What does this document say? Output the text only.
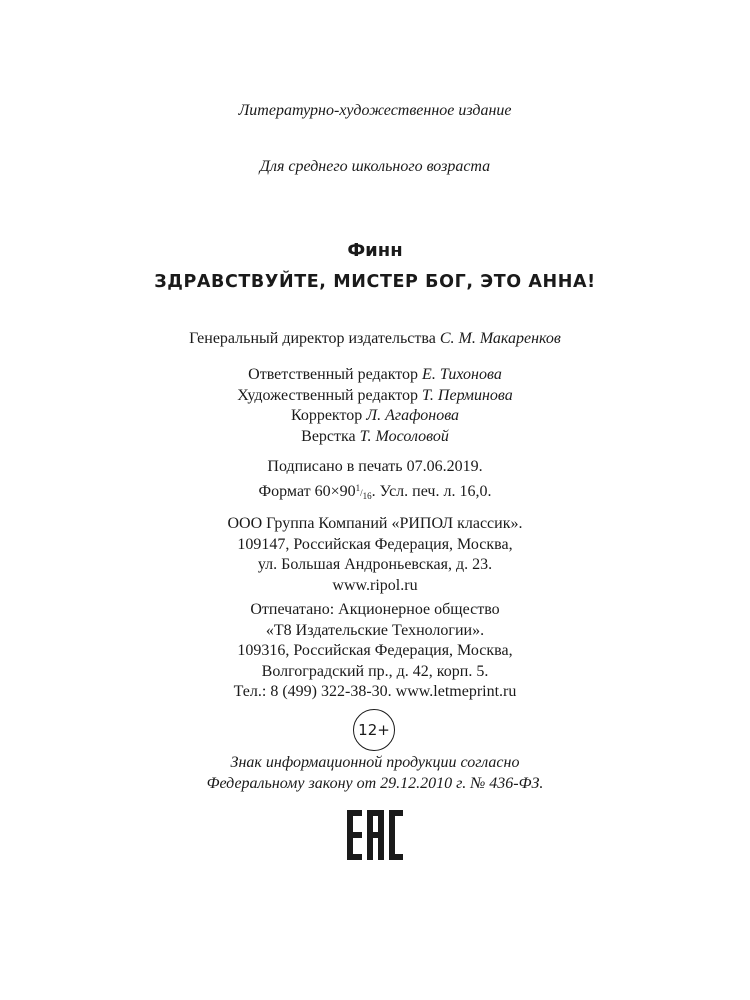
Литературно-художественное издание
Для среднего школьного возраста
Финн
ЗДРАВСТВУЙТЕ, МИСТЕР БОГ, ЭТО АННА!
Генеральный директор издательства С. М. Макаренков
Ответственный редактор Е. Тихонова
Художественный редактор Т. Перминова
Корректор Л. Агафонова
Верстка Т. Мосоловой
Подписано в печать 07.06.2019.
Формат $60\times 90^1/_{16}$. Усл. печ. л. 16,0.
ООО Группа Компаний «РИПОЛ классик».
109147, Российская Федерация, Москва,
ул. Большая Андроньевская, д. 23.
www.ripol.ru
Отпечатано: Акционерное общество
«Т8 Издательские Технологии».
109316, Российская Федерация, Москва,
Волгоградский пр., д. 42, корп. 5.
Тел.: 8 (499) 322-38-30. www.letmeprint.ru
12+
Знак информационной продукции согласно
Федеральному закону от 29.12.2010 г. № 436-ФЗ.
